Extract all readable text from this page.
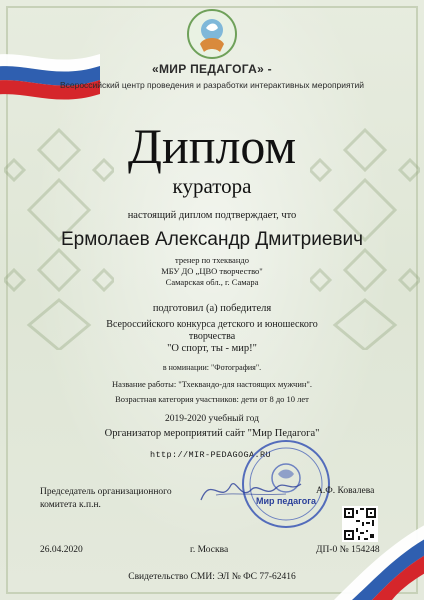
«МИР ПЕДАГОГА» -
Всероссийский центр проведения и разработки интерактивных мероприятий
Диплом
куратора
настоящий диплом подтверждает, что
Ермолаев Александр Дмитриевич
тренер по тхеквандо
МБУ ДО „ЦВО творчество"
Самарская обл., г. Самара
подготовил (а) победителя
Всероссийского конкурса детского и юношеского
творчества
"О спорт, ты - мир!"
в номинации: "Фотография".
Название работы: "Тхеквандо-для настоящих мужчин".
Возрастная категория участников: дети от 8 до 10 лет
2019-2020 учебный год
Организатор мероприятий сайт "Мир Педагога"
http://MIR-PEDAGOGA.RU
Мир педагога
Председатель организационного
комитета к.п.н.
А.Ф. Ковалева
26.04.2020	г. Москва	ДП-0 № 154248
Свидетельство СМИ: ЭЛ № ФС 77-62416
